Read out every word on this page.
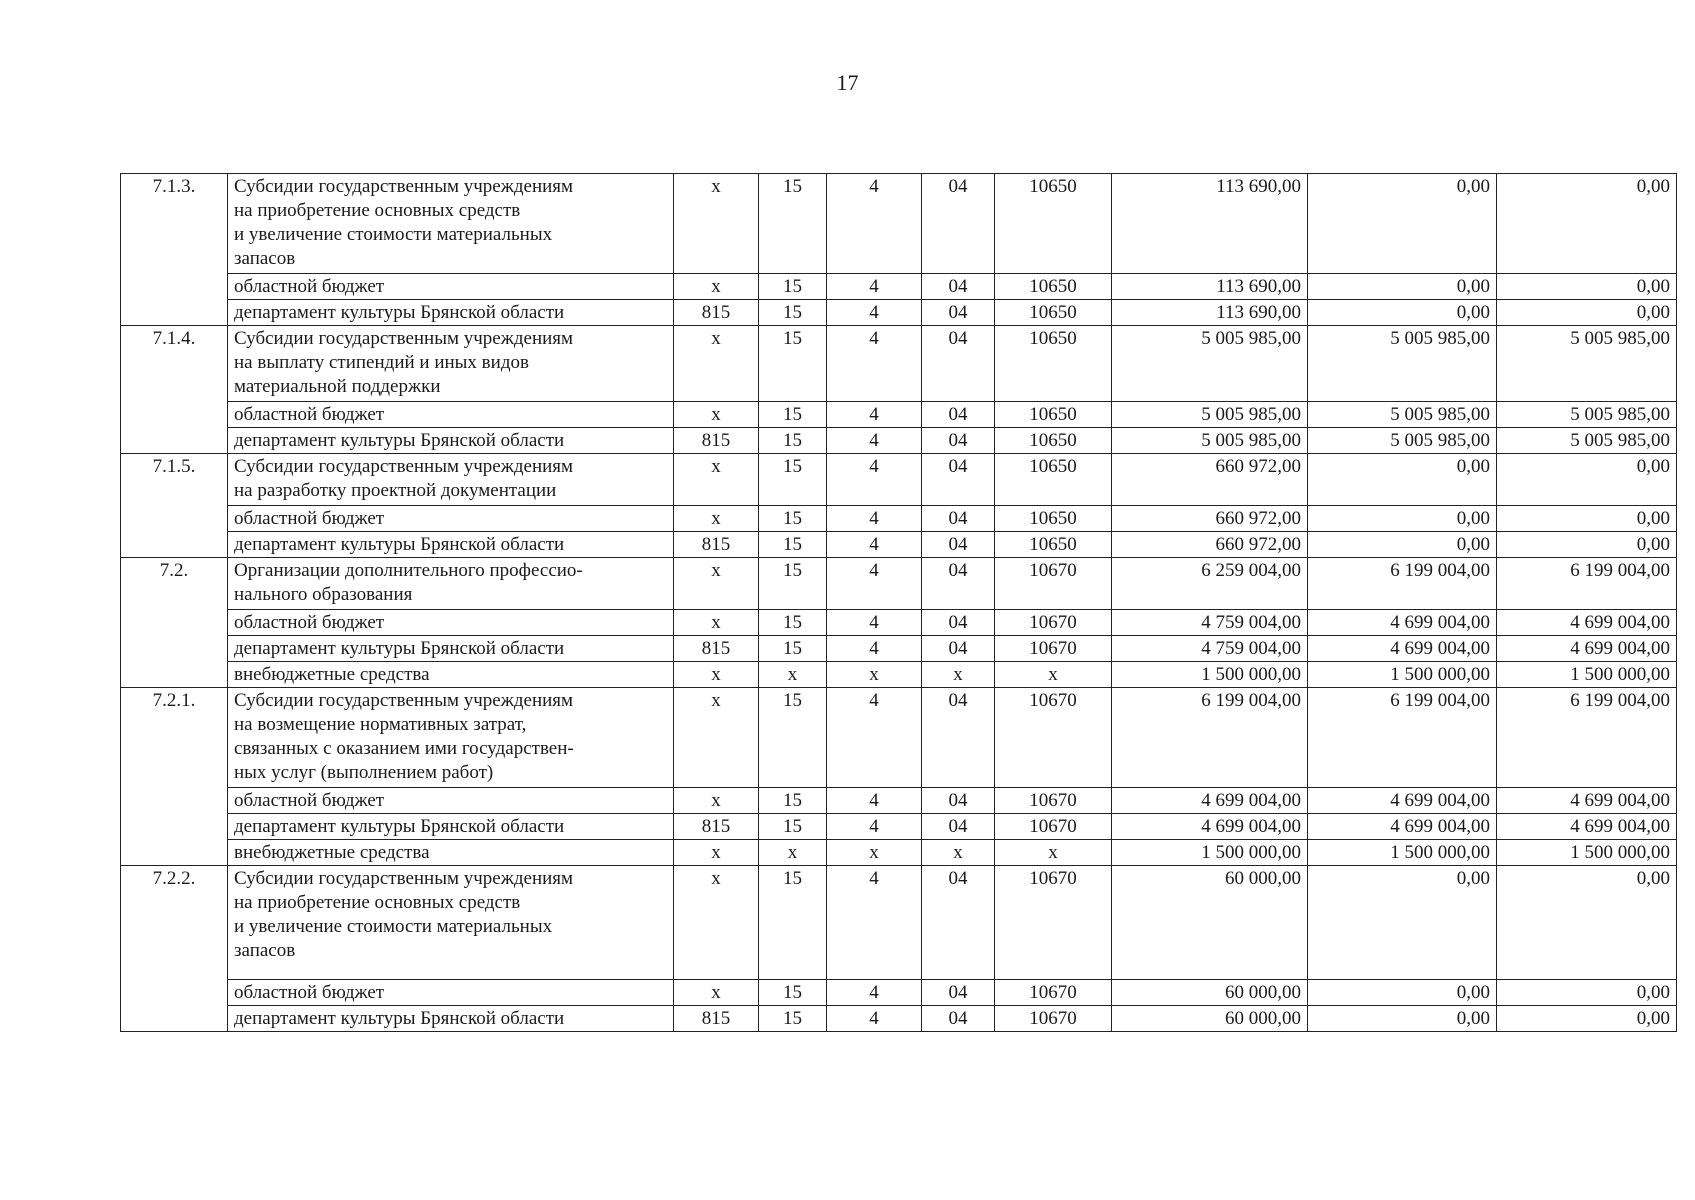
17
7.1.3.	Субсидии государственным учреждениям
на приобретение основных средств
и увеличение стоимости материальных
запасов	х	15	4	04	10650	113 690,00	0,00	0,00
	областной бюджет	х	15	4	04	10650	113 690,00	0,00	0,00
	департамент культуры Брянской области	815	15	4	04	10650	113 690,00	0,00	0,00
7.1.4.	Субсидии государственным учреждениям
на выплату стипендий и иных видов
материальной поддержки	х	15	4	04	10650	5 005 985,00	5 005 985,00	5 005 985,00
	областной бюджет	х	15	4	04	10650	5 005 985,00	5 005 985,00	5 005 985,00
	департамент культуры Брянской области	815	15	4	04	10650	5 005 985,00	5 005 985,00	5 005 985,00
7.1.5.	Субсидии государственным учреждениям
на разработку проектной документации	х	15	4	04	10650	660 972,00	0,00	0,00
	областной бюджет	х	15	4	04	10650	660 972,00	0,00	0,00
	департамент культуры Брянской области	815	15	4	04	10650	660 972,00	0,00	0,00
7.2.	Организации дополнительного профессио-
нального образования	х	15	4	04	10670	6 259 004,00	6 199 004,00	6 199 004,00
	областной бюджет	х	15	4	04	10670	4 759 004,00	4 699 004,00	4 699 004,00
	департамент культуры Брянской области	815	15	4	04	10670	4 759 004,00	4 699 004,00	4 699 004,00
	внебюджетные средства	х	х	х	х	х	1 500 000,00	1 500 000,00	1 500 000,00
7.2.1.	Субсидии государственным учреждениям
на возмещение нормативных затрат,
связанных с оказанием ими государствен-
ных услуг (выполнением работ)	х	15	4	04	10670	6 199 004,00	6 199 004,00	6 199 004,00
	областной бюджет	х	15	4	04	10670	4 699 004,00	4 699 004,00	4 699 004,00
	департамент культуры Брянской области	815	15	4	04	10670	4 699 004,00	4 699 004,00	4 699 004,00
	внебюджетные средства	х	х	х	х	х	1 500 000,00	1 500 000,00	1 500 000,00
7.2.2.	Субсидии государственным учреждениям
на приобретение основных средств
и увеличение стоимости материальных
запасов	х	15	4	04	10670	60 000,00	0,00	0,00
	областной бюджет	х	15	4	04	10670	60 000,00	0,00	0,00
	департамент культуры Брянской области	815	15	4	04	10670	60 000,00	0,00	0,00
